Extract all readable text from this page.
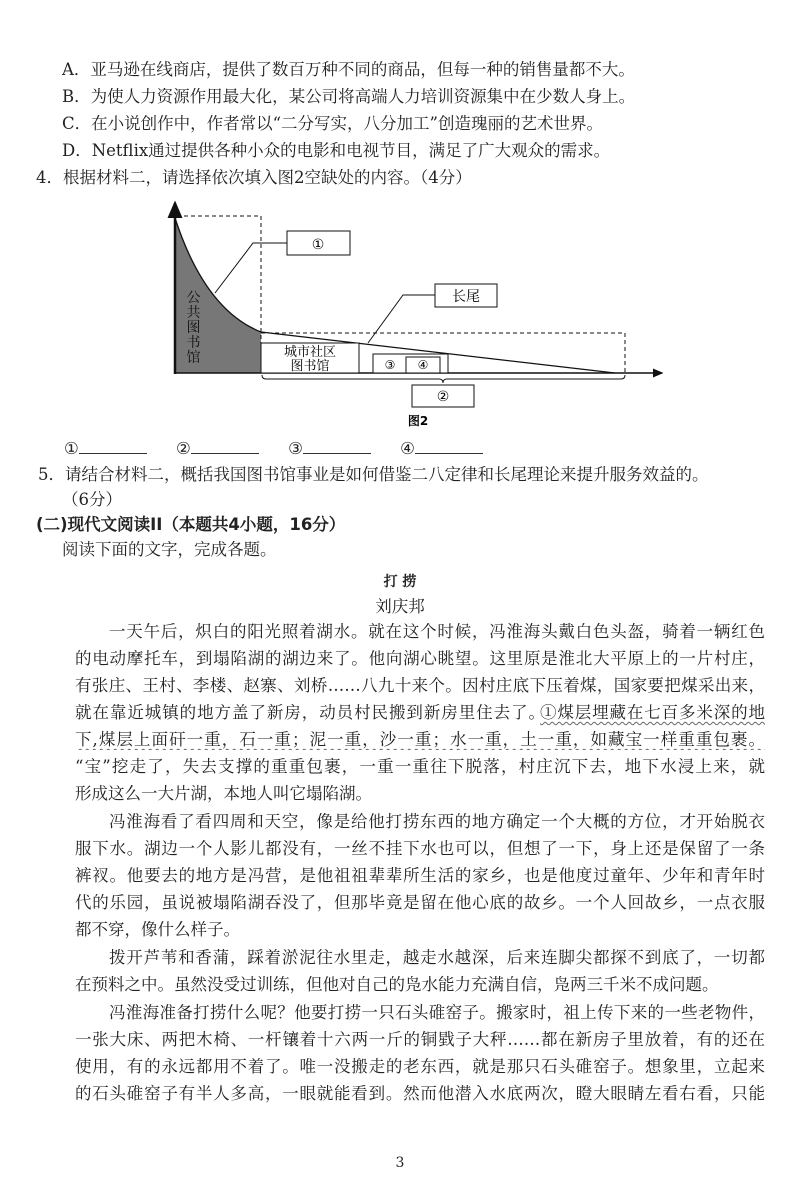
A．亚马逊在线商店，提供了数百万种不同的商品，但每一种的销售量都不大。
B．为使人力资源作用最大化，某公司将高端人力培训资源集中在少数人身上。
C．在小说创作中，作者常以“二分写实，八分加工”创造瑰丽的艺术世界。
D．Netflix通过提供各种小众的电影和电视节目，满足了广大观众的需求。
4．根据材料二，请选择依次填入图2空缺处的内容。（4分）
①
长尾
城市社区
图书馆	③ ④
②
图2
公共图书馆
①	②	③	④
5．请结合材料二，概括我国图书馆事业是如何借鉴二八定律和长尾理论来提升服务效益的。
（6分）
(二)现代文阅读II（本题共4小题，16分）
阅读下面的文字，完成各题。
打 捞
刘庆邦
一天午后，炽白的阳光照着湖水。就在这个时候，冯淮海头戴白色头盔，骑着一辆红色
的电动摩托车，到塌陷湖的湖边来了。他向湖心眺望。这里原是淮北大平原上的一片村庄，
有张庄、王村、李楼、赵寨、刘桥……八九十来个。因村庄底下压着煤，国家要把煤采出来，
就在靠近城镇的地方盖了新房，动员村民搬到新房里住去了。
①煤层埋藏在七百多米深的地
下,煤层上面矸一重，石一重；泥一重，沙一重；水一重，土一重，如藏宝一样重重包裹。
“宝”挖走了，失去支撑的重重包裹，一重一重往下脱落，村庄沉下去，地下水浸上来，就
形成这么一大片湖，本地人叫它塌陷湖。
冯淮海看了看四周和天空，像是给他打捞东西的地方确定一个大概的方位，才开始脱衣
服下水。湖边一个人影儿都没有，一丝不挂下水也可以，但想了一下，身上还是保留了一条
裤衩。他要去的地方是冯营，是他祖祖辈辈所生活的家乡，也是他度过童年、少年和青年时
代的乐园，虽说被塌陷湖吞没了，但那毕竟是留在他心底的故乡。一个人回故乡，一点衣服
都不穿，像什么样子。
拨开芦苇和香蒲，踩着淤泥往水里走，越走水越深，后来连脚尖都探不到底了，一切都
在预料之中。虽然没受过训练，但他对自己的凫水能力充满自信，凫两三千米不成问题。
冯淮海准备打捞什么呢？他要打捞一只石头碓窑子。搬家时，祖上传下来的一些老物件，
一张大床、两把木椅、一杆镶着十六两一斤的铜戥子大秤……都在新房子里放着，有的还在
使用，有的永远都用不着了。唯一没搬走的老东西，就是那只石头碓窑子。想象里，立起来
的石头碓窑子有半人多高，一眼就能看到。然而他潜入水底两次，瞪大眼睛左看右看，只能
3
